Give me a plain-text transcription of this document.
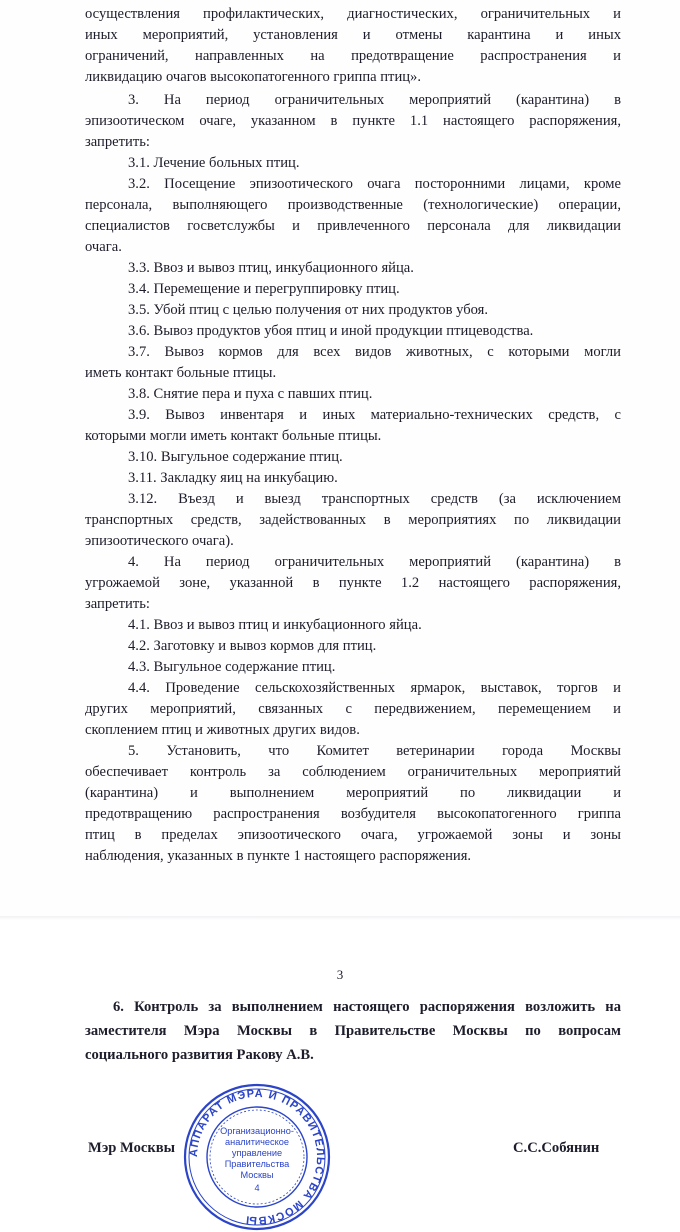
осуществления профилактических, диагностических, ограничительных и
иных мероприятий, установления и отмены карантина и иных
ограничений, направленных на предотвращение распространения и
ликвидацию очагов высокопатогенного гриппа птиц».
3. На период ограничительных мероприятий (карантина) в
эпизоотическом очаге, указанном в пункте 1.1 настоящего распоряжения,
запретить:
3.1. Лечение больных птиц.
3.2. Посещение эпизоотического очага посторонними лицами, кроме
персонала, выполняющего производственные (технологические) операции,
специалистов госветслужбы и привлеченного персонала для ликвидации
очага.
3.3. Ввоз и вывоз птиц, инкубационного яйца.
3.4. Перемещение и перегруппировку птиц.
3.5. Убой птиц с целью получения от них продуктов убоя.
3.6. Вывоз продуктов убоя птиц и иной продукции птицеводства.
3.7. Вывоз кормов для всех видов животных, с которыми могли
иметь контакт больные птицы.
3.8. Снятие пера и пуха с павших птиц.
3.9. Вывоз инвентаря и иных материально-технических средств, с
которыми могли иметь контакт больные птицы.
3.10. Выгульное содержание птиц.
3.11. Закладку яиц на инкубацию.
3.12. Въезд и выезд транспортных средств (за исключением
транспортных средств, задействованных в мероприятиях по ликвидации
эпизоотического очага).
4. На период ограничительных мероприятий (карантина) в
угрожаемой зоне, указанной в пункте 1.2 настоящего распоряжения,
запретить:
4.1. Ввоз и вывоз птиц и инкубационного яйца.
4.2. Заготовку и вывоз кормов для птиц.
4.3. Выгульное содержание птиц.
4.4. Проведение сельскохозяйственных ярмарок, выставок, торгов и
других мероприятий, связанных с передвижением, перемещением и
скоплением птиц и животных других видов.
5. Установить, что Комитет ветеринарии города Москвы
обеспечивает контроль за соблюдением ограничительных мероприятий
(карантина) и выполнением мероприятий по ликвидации и
предотвращению распространения возбудителя высокопатогенного гриппа
птиц в пределах эпизоотического очага, угрожаемой зоны и зоны
наблюдения, указанных в пункте 1 настоящего распоряжения.
3
6. Контроль за выполнением настоящего распоряжения возложить на
заместителя Мэра Москвы в Правительстве Москвы по вопросам
социального развития Ракову А.В.
АППАРАТ МЭРА И ПРАВИТЕЛЬСТВА МОСКВЫ
Организационно-
аналитическое
управление
Правительства
Москвы
4
Мэр Москвы	С.С.Собянин
